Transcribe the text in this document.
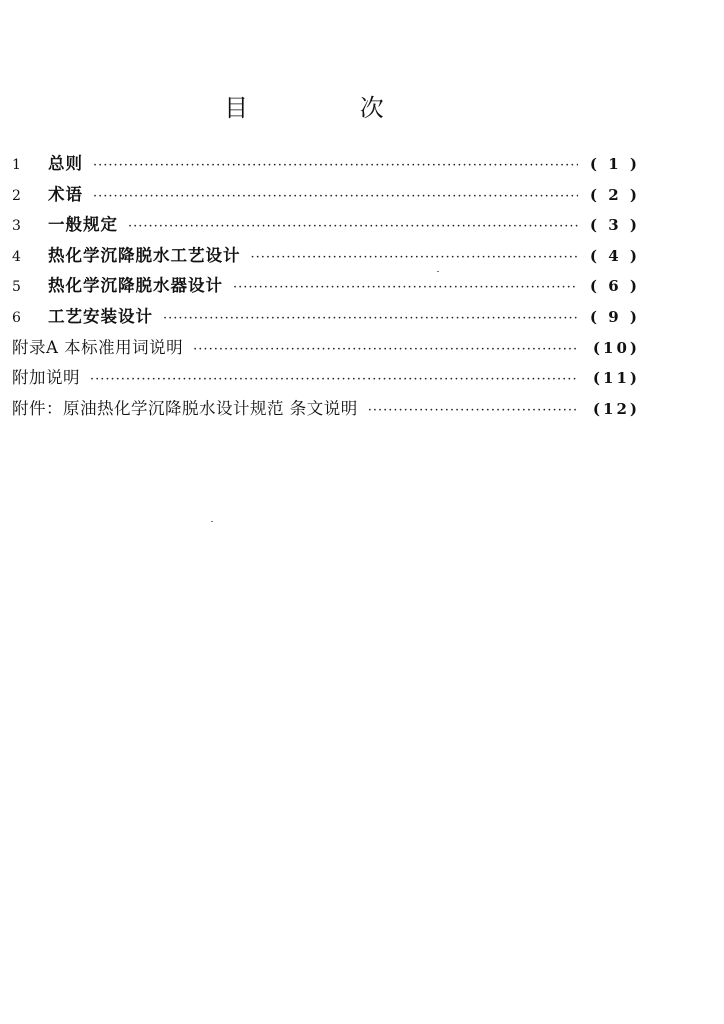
目 次
1	总则 ·····	( 1 )
2	术语 ·····	( 2 )
3	一般规定 ·····	( 3 )
4	热化学沉降脱水工艺设计 ·····	( 4 )
5	热化学沉降脱水器设计 ·····	( 6 )
6	工艺安装设计 ·····	( 9 )
附录A 本标准用词说明 ·····	(10)
附加说明 ·····	(11)
附件：原油热化学沉降脱水设计规范 条文说明 ·····	(12)
